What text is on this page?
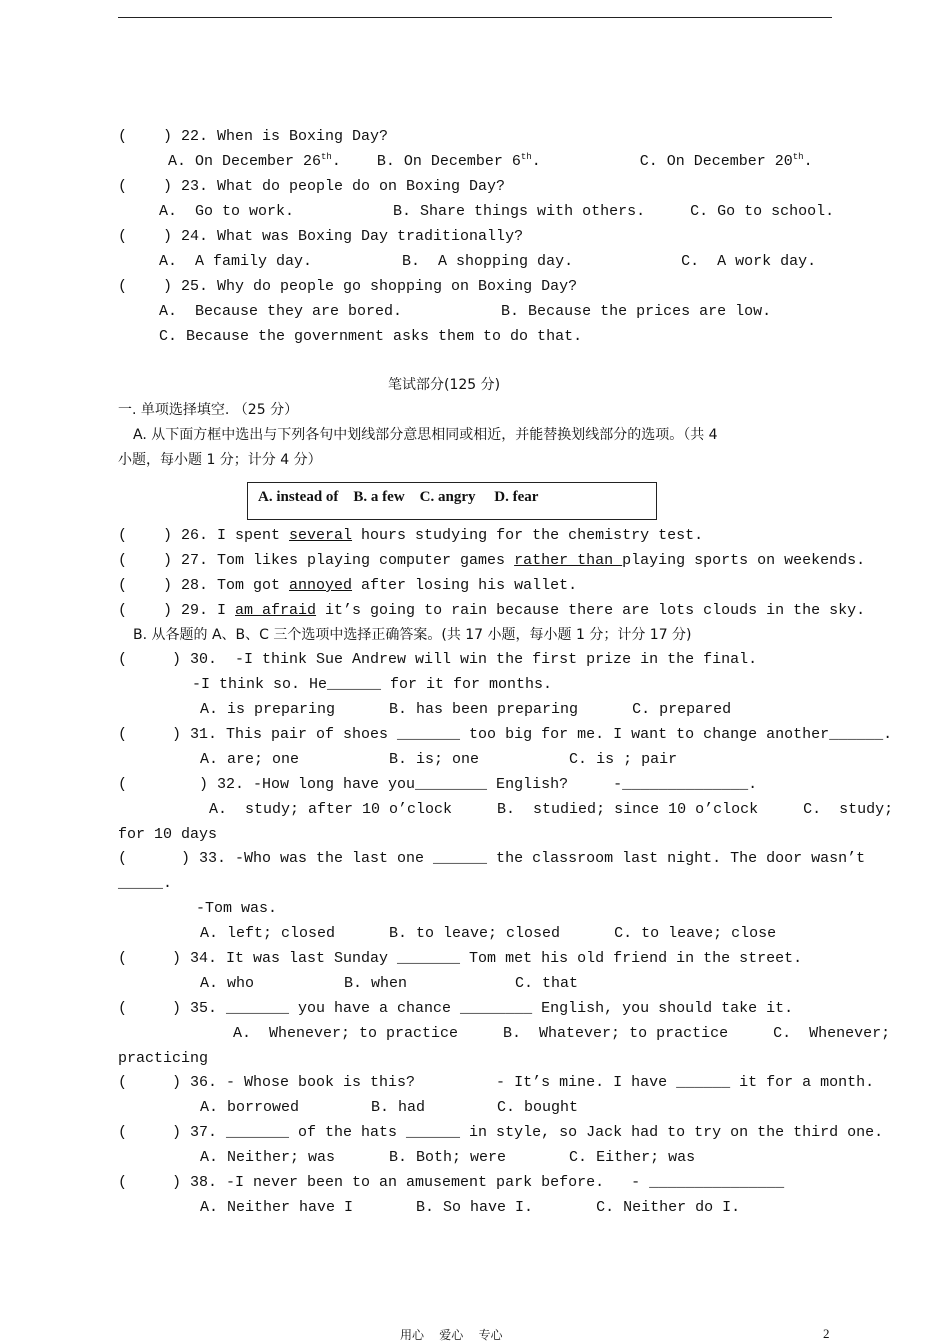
(    ) 22. When is Boxing Day?
A. On December 26th.    B. On December 6th.           C. On December 20th.
(    ) 23. What do people do on Boxing Day?
A.  Go to work.           B. Share things with others.     C. Go to school.
(    ) 24. What was Boxing Day traditionally?
A.  A family day.          B.  A shopping day.            C.  A work day.
(    ) 25. Why do people go shopping on Boxing Day?
A.  Because they are bored.           B. Because the prices are low.
C. Because the government asks them to do that.
笔试部分(125 分)
一. 单项选择填空. （25 分）
A. 从下面方框中选出与下列各句中划线部分意思相同或相近，并能替换划线部分的选项。（共 4
小题，每小题 1 分；计分 4 分）
A. instead of    B. a few    C. angry     D. fear
(    ) 26. I spent several hours studying for the chemistry test.
(    ) 27. Tom likes playing computer games rather than playing sports on weekends.
(    ) 28. Tom got annoyed after losing his wallet.
(    ) 29. I am afraid it’s going to rain because there are lots clouds in the sky.
B. 从各题的 A、B、C 三个选项中选择正确答案。(共 17 小题，每小题 1 分；计分 17 分)
(     ) 30.  -I think Sue Andrew will win the first prize in the final.
-I think so. He______ for it for months.
A. is preparing      B. has been preparing      C. prepared
(     ) 31. This pair of shoes _______ too big for me. I want to change another______.
A. are; one          B. is; one          C. is ; pair
(        ) 32. -How long have you________ English?     -______________.
A.  study; after 10 o’clock     B.  studied; since 10 o’clock     C.  study;
for 10 days
(      ) 33. -Who was the last one ______ the classroom last night. The door wasn’t
_____.
-Tom was.
A. left; closed      B. to leave; closed      C. to leave; close
(     ) 34. It was last Sunday _______ Tom met his old friend in the street.
A. who          B. when            C. that
(     ) 35. _______ you have a chance ________ English, you should take it.
A.  Whenever; to practice     B.  Whatever; to practice     C.  Whenever;
practicing
(     ) 36. - Whose book is this?         - It’s mine. I have ______ it for a month.
A. borrowed        B. had        C. bought
(     ) 37. _______ of the hats ______ in style, so Jack had to try on the third one.
A. Neither; was      B. Both; were       C. Either; was
(     ) 38. -I never been to an amusement park before.   - _______________
A. Neither have I       B. So have I.       C. Neither do I.
用心    爱心    专心	2
